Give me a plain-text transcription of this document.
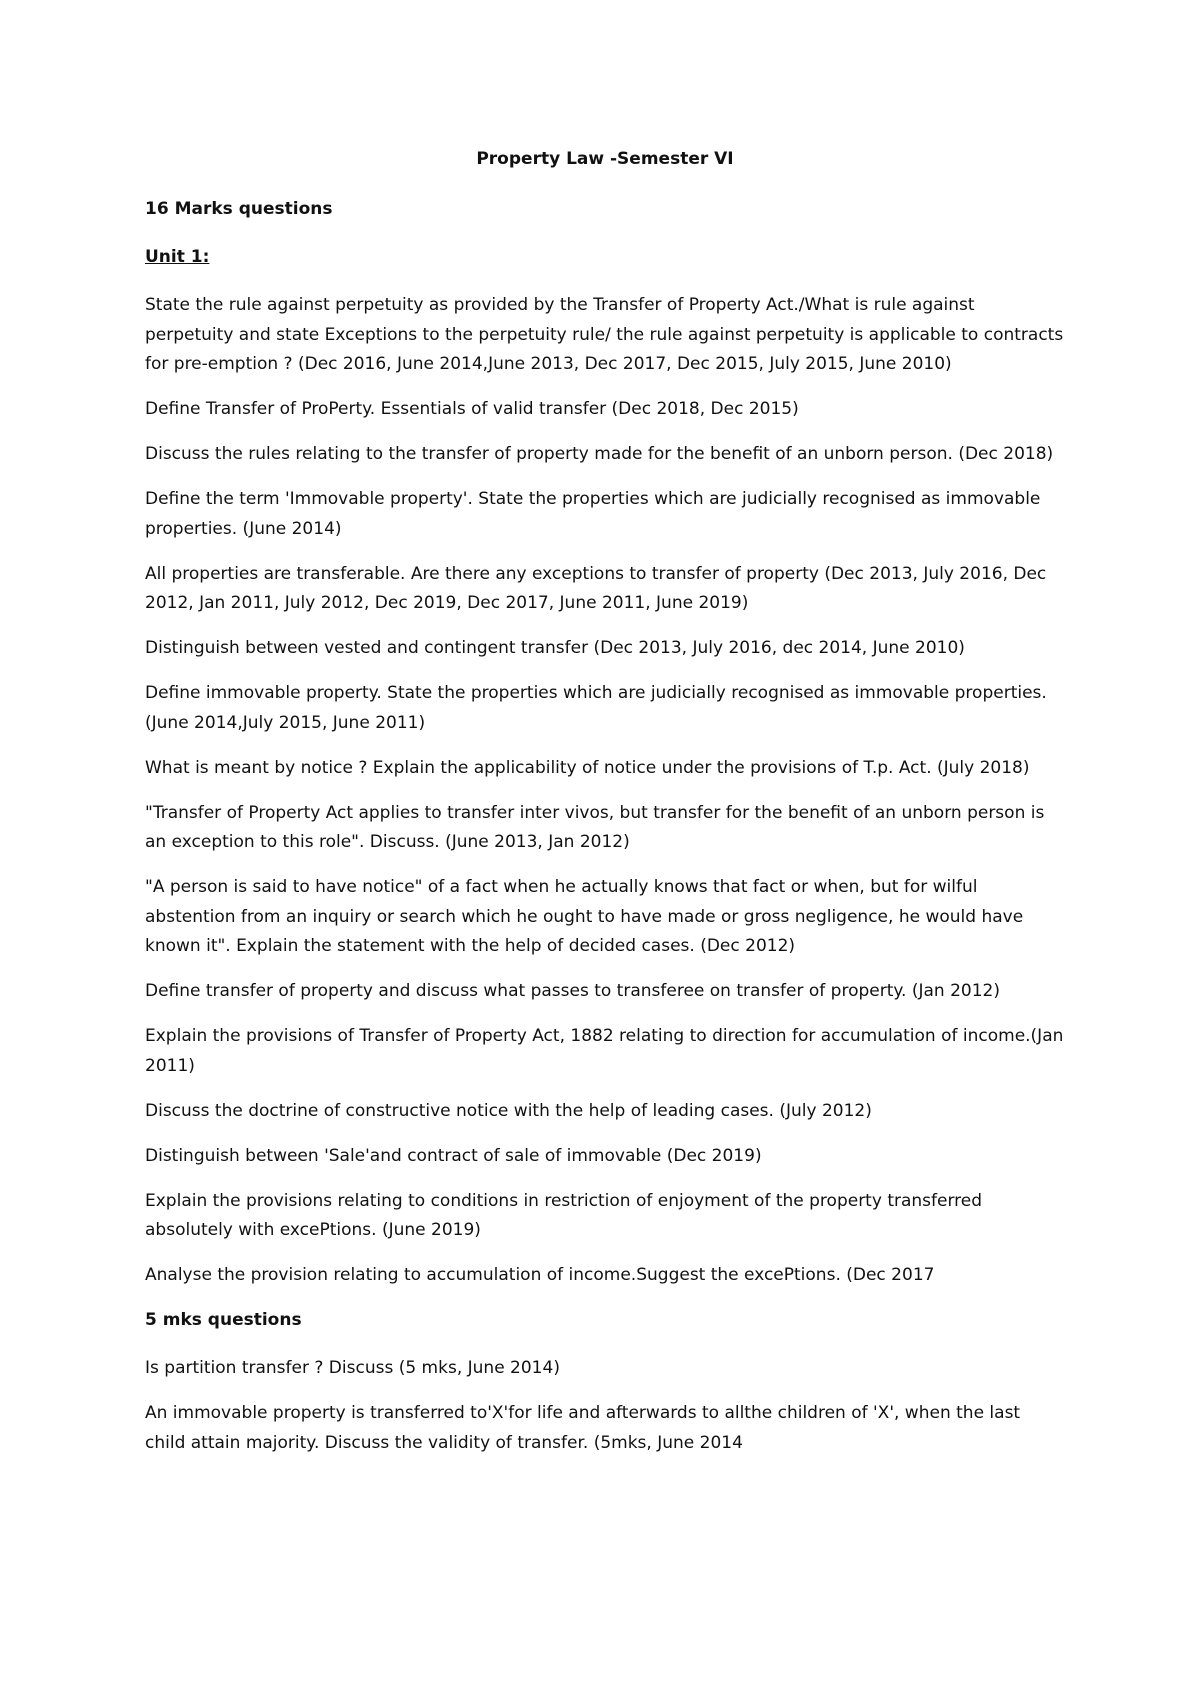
Property Law -Semester VI
16 Marks questions
Unit 1:

State the rule against perpetuity as provided by the Transfer of Property Act./What is rule against perpetuity and state Exceptions to the perpetuity rule/ the rule against perpetuity is applicable to contracts for pre-emption ? (Dec 2016, June 2014,June 2013, Dec 2017, Dec 2015, July 2015, June 2010)

Define Transfer of ProPerty. Essentials of valid transfer (Dec 2018, Dec 2015)

Discuss the rules relating to the transfer of property made for the benefit of an unborn person. (Dec 2018)

Define the term 'Immovable property'. State the properties which are judicially recognised as immovable properties. (June 2014)

All properties are transferable. Are there any exceptions to transfer of property (Dec 2013, July 2016, Dec 2012, Jan 2011, July 2012, Dec 2019, Dec 2017, June 2011, June 2019)

Distinguish between vested and contingent transfer (Dec 2013, July 2016, dec 2014, June 2010)

Define immovable property. State the properties which are judicially recognised as immovable properties. (June 2014,July 2015, June 2011)

What is meant by notice ? Explain the applicability of notice under the provisions of T.p. Act. (July 2018)

"Transfer of Property Act applies to transfer inter vivos, but transfer for the benefit of an unborn person is an exception to this role". Discuss. (June 2013, Jan 2012)

"A person is said to have notice" of a fact when he actually knows that fact or when, but for wilful abstention from an inquiry or search which he ought to have made or gross negligence, he would have known it". Explain the statement with the help of decided cases. (Dec 2012)

Define transfer of property and discuss what passes to transferee on transfer of property. (Jan 2012)

Explain the provisions of Transfer of Property Act, 1882 relating to direction for accumulation of income.(Jan 2011)

Discuss the doctrine of constructive notice with the help of leading cases. (July 2012)

Distinguish between 'Sale'and contract of sale of immovable (Dec 2019)

Explain the provisions relating to conditions in restriction of enjoyment of the property transferred absolutely with excePtions. (June 2019)

Analyse the provision relating to accumulation of income.Suggest the excePtions. (Dec 2017

5 mks questions

Is partition transfer ? Discuss (5 mks, June 2014)

An immovable property is transferred to'X'for life and afterwards to allthe children of 'X', when the last child attain majority. Discuss the validity of transfer. (5mks, June 2014
